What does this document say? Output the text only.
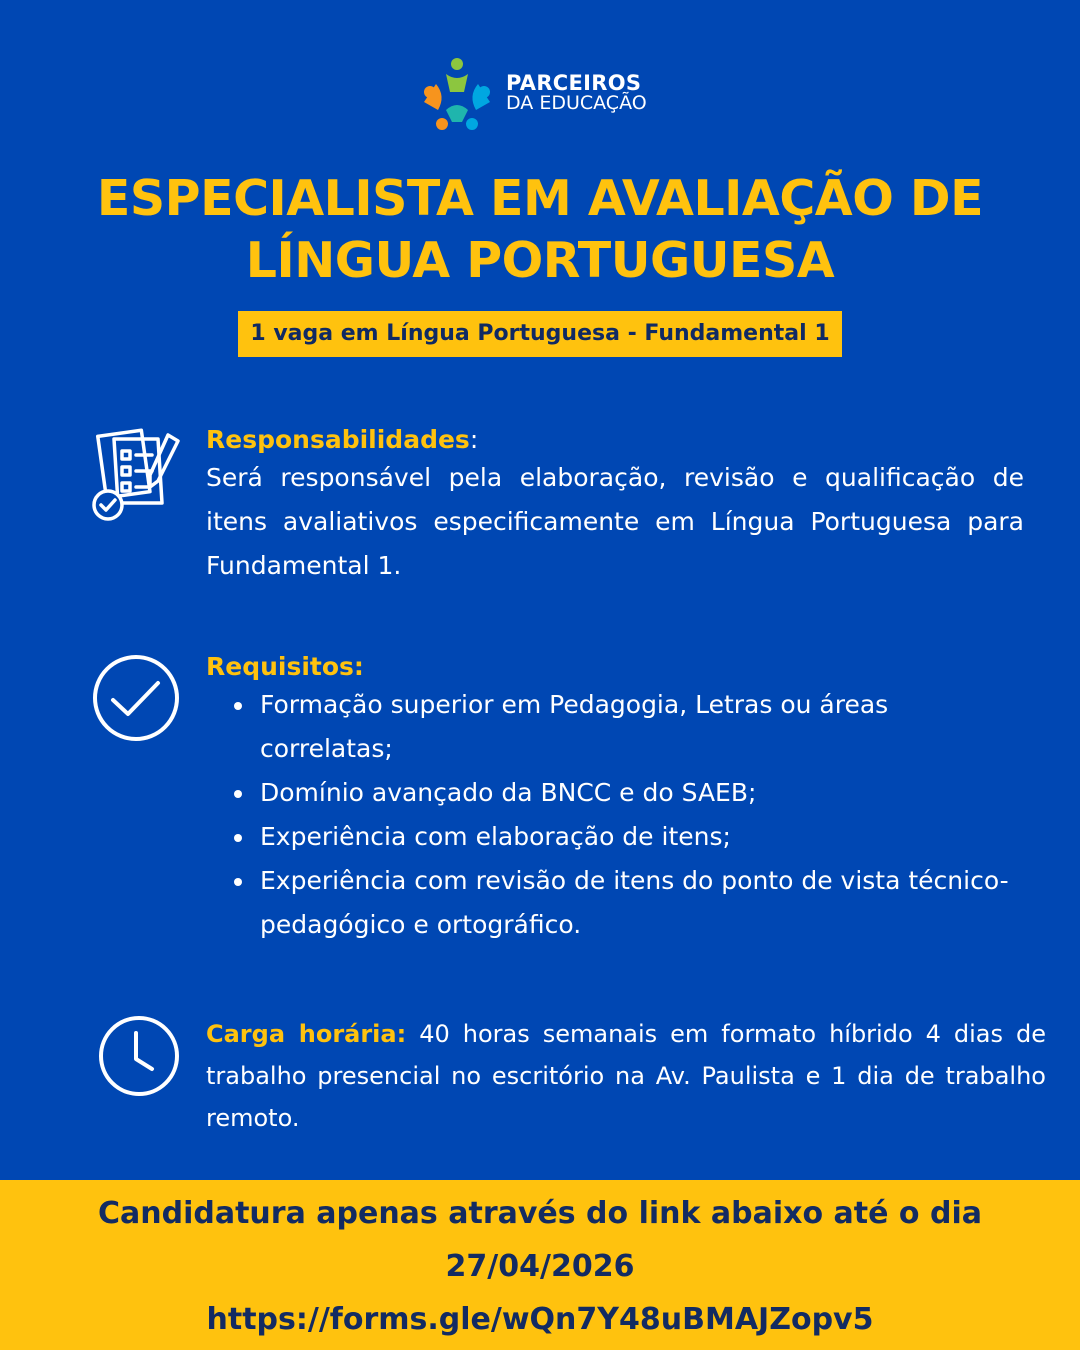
PARCEIROS
DA EDUCAÇÃO
ESPECIALISTA EM AVALIAÇÃO DE
LÍNGUA PORTUGUESA
1 vaga em Língua Portuguesa - Fundamental 1
Responsabilidades:

Será responsável pela elaboração, revisão e qualificação de itens avaliativos especificamente em Língua Portuguesa para Fundamental 1.

Requisitos:
Formação superior em Pedagogia, Letras ou áreas correlatas;
Domínio avançado da BNCC e do SAEB;
Experiência com elaboração de itens;
Experiência com revisão de itens do ponto de vista técnico-pedagógico e ortográfico.

Carga horária: 40 horas semanais em formato híbrido 4 dias de trabalho presencial no escritório na Av. Paulista e 1 dia de trabalho remoto.

Candidatura apenas através do link abaixo até o dia
27/04/2026
https://forms.gle/wQn7Y48uBMAJZopv5
